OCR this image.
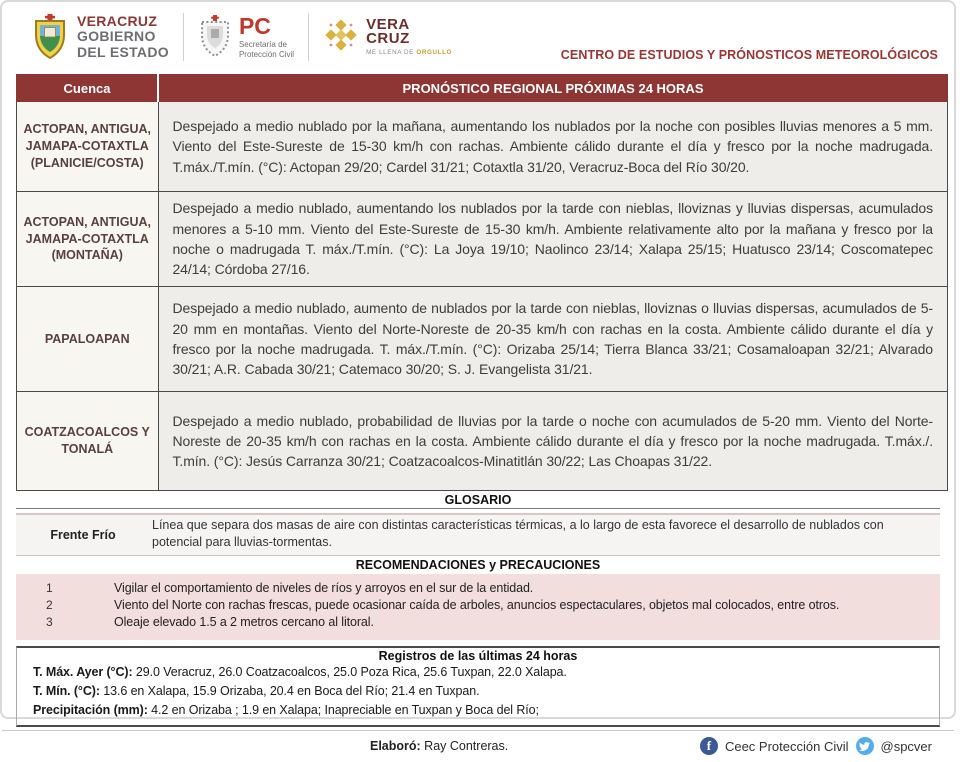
VERACRUZ
GOBIERNO
DEL ESTADO
PC
Secretaría de
Protección Civil
VERA
CRUZ
ME LLENA DE ORGULLO	CENTRO DE ESTUDIOS Y PRÓNOSTICOS METEOROLÓGICOS
Cuenca	PRONÓSTICO REGIONAL PRÓXIMAS 24 HORAS
ACTOPAN, ANTIGUA, JAMAPA-COTAXTLA (PLANICIE/COSTA)	Despejado a medio nublado por la mañana, aumentando los nublados por la noche con posibles lluvias menores a 5 mm. Viento del Este-Sureste de 15-30 km/h con rachas. Ambiente cálido durante el día y fresco por la noche madrugada. T.máx./T.mín. (°C): Actopan 29/20; Cardel 31/21; Cotaxtla 31/20, Veracruz-Boca del Río 30/20.
ACTOPAN, ANTIGUA, JAMAPA-COTAXTLA (MONTAÑA)	Despejado a medio nublado, aumentando los nublados por la tarde con nieblas, lloviznas y lluvias dispersas, acumulados menores a 5-10 mm. Viento del Este-Sureste de 15-30 km/h. Ambiente relativamente alto por la mañana y fresco por la noche o madrugada T. máx./T.mín. (°C): La Joya 19/10; Naolinco 23/14; Xalapa 25/15; Huatusco 23/14; Coscomatepec 24/14; Córdoba 27/16.
PAPALOAPAN	Despejado a medio nublado, aumento de nublados por la tarde con nieblas, lloviznas o lluvias dispersas, acumulados de 5-20 mm en montañas. Viento del Norte-Noreste de 20-35 km/h con rachas en la costa. Ambiente cálido durante el día y fresco por la noche madrugada. T. máx./T.mín. (°C): Orizaba 25/14; Tierra Blanca 33/21; Cosamaloapan 32/21; Alvarado 30/21; A.R. Cabada 30/21; Catemaco 30/20; S. J. Evangelista 31/21.
COATZACOALCOS Y TONALÁ	Despejado a medio nublado, probabilidad de lluvias por la tarde o noche con acumulados de 5-20 mm. Viento del Norte-Noreste de 20-35 km/h con rachas en la costa. Ambiente cálido durante el día y fresco por la noche madrugada. T.máx./. T.mín. (°C): Jesús Carranza 30/21; Coatzacoalcos-Minatitlán 30/22; Las Choapas 31/22.
GLOSARIO
Frente Frío
Línea que separa dos masas de aire con distintas características térmicas, a lo largo de esta favorece el desarrollo de nublados con potencial para lluvias-tormentas.
RECOMENDACIONES y PRECAUCIONES
1	Vigilar el comportamiento de niveles de ríos y arroyos en el sur de la entidad.
2	Viento del Norte con rachas frescas, puede ocasionar caída de arboles, anuncios espectaculares, objetos mal colocados, entre otros.
3	Oleaje elevado 1.5 a 2 metros cercano al litoral.
Registros de las últimas 24 horas
T. Máx. Ayer (°C): 29.0 Veracruz, 26.0 Coatzacoalcos, 25.0 Poza Rica, 25.6 Tuxpan, 22.0 Xalapa.
T. Mín. (°C): 13.6 en Xalapa, 15.9 Orizaba, 20.4 en Boca del Río; 21.4 en Tuxpan.
Precipitación (mm): 4.2 en Orizaba ; 1.9 en Xalapa; Inapreciable en Tuxpan y Boca del Río;
Elaboró: Ray Contreras.	f	Ceec Protección Civil @spcver
